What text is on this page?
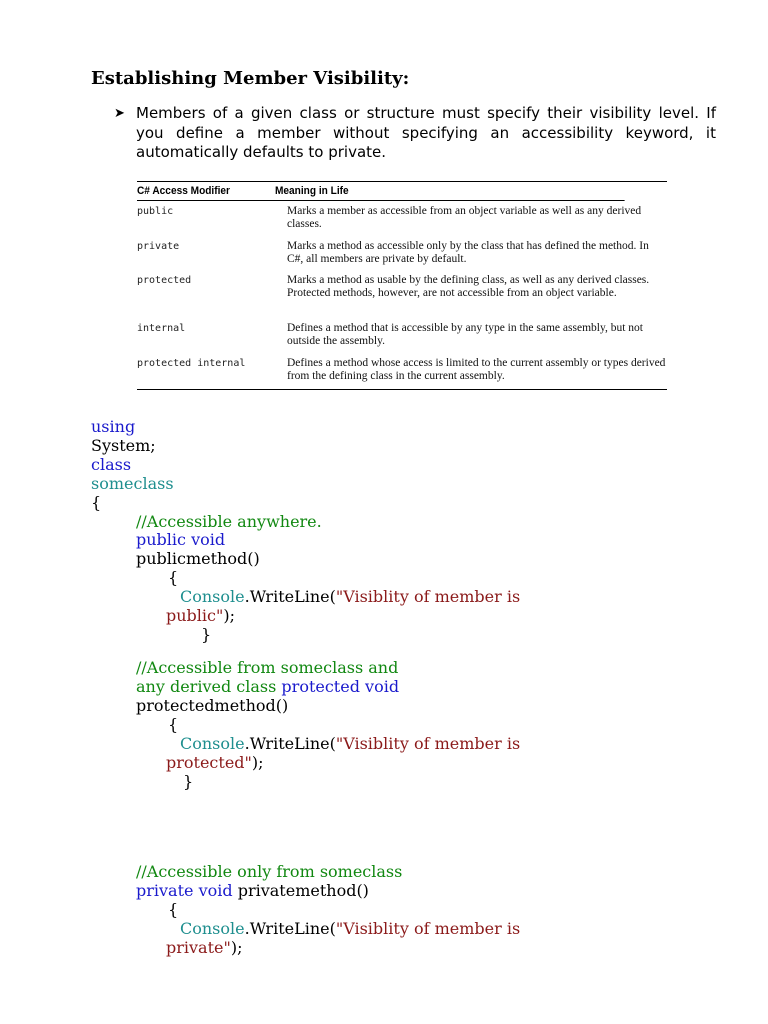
Establishing Member Visibility:
➤ Members of a given class or structure must specify their visibility level. If you define a member without specifying an accessibility keyword, it automatically defaults to private.
C# Access Modifier	Meaning in Life
public	Marks a member as accessible from an object variable as well as any derived classes.
private	Marks a method as accessible only by the class that has defined the method. In C#, all members are private by default.
protected	Marks a method as usable by the defining class, as well as any derived classes. Protected methods, however, are not accessible from an object variable.
internal	Defines a method that is accessible by any type in the same assembly, but not outside the assembly.
protected internal	Defines a method whose access is limited to the current assembly or types derived from the defining class in the current assembly.
using
System;
class
someclass
{
//Accessible anywhere.
public void
publicmethod()
{
Console.WriteLine("Visiblity of member is
public");
}
//Accessible from someclass and
any derived class protected void
protectedmethod()
{
Console.WriteLine("Visiblity of member is
protected");
}
//Accessible only from someclass
private void privatemethod()
{
Console.WriteLine("Visiblity of member is
private");
